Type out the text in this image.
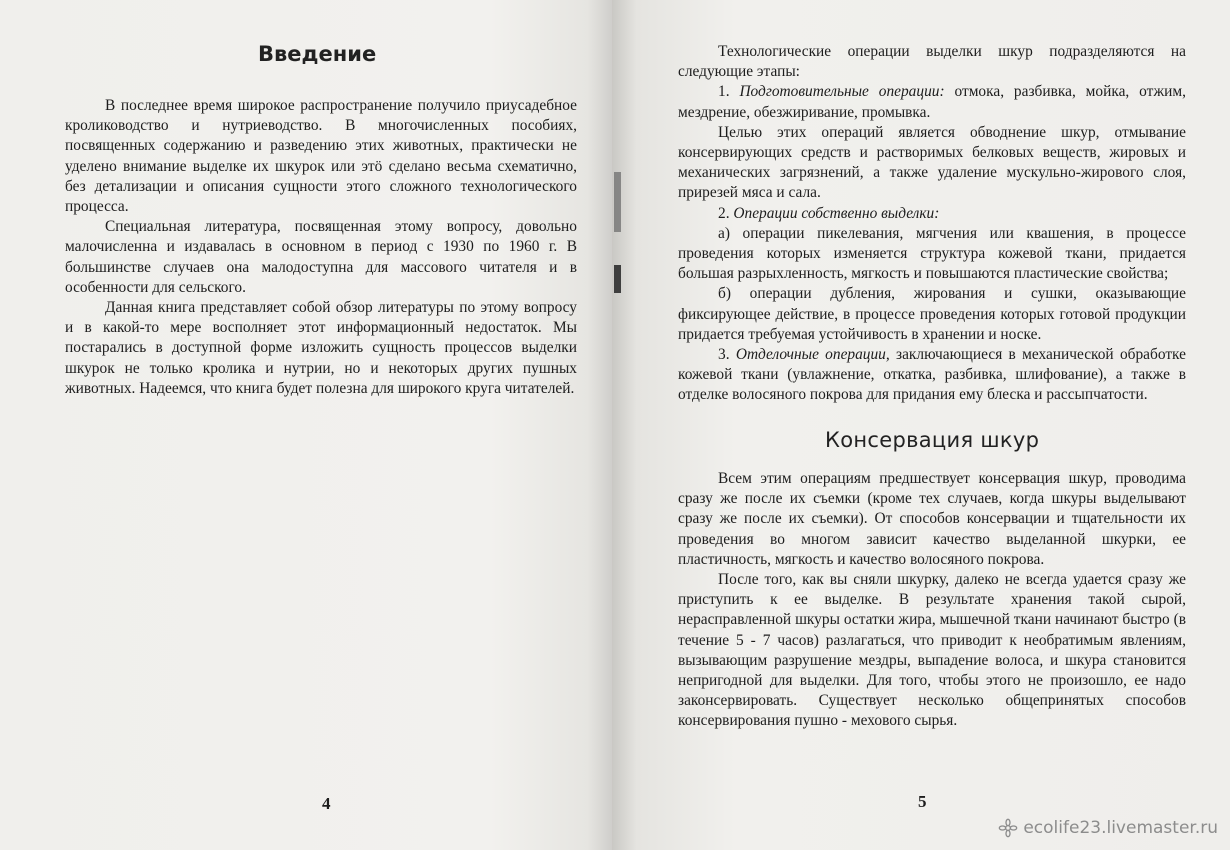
Введение

В последнее время широкое распространение получило приусадебное кролиководство и нутриеводство. В многочисленных пособиях, посвященных содержанию и разведению этих животных, практически не уделено внимание выделке их шкурок или этö сделано весьма схематично, без детализации и описания сущности этого сложного технологического процесса.

Специальная литература, посвященная этому вопросу, довольно малочисленна и издавалась в основном в период с 1930 по 1960 г. В большинстве случаев она малодоступна для массового читателя и в особенности для сельского.

Данная книга представляет собой обзор литературы по этому вопросу и в какой-то мере восполняет этот информационный недостаток. Мы постарались в доступной форме изложить сущность процессов выделки шкурок не только кролика и нутрии, но и некоторых других пушных животных. Надеемся, что книга будет полезна для широкого круга читателей.

4

Технологические операции выделки шкур подразделяются на следующие этапы:

1. Подготовительные операции: отмока, разбивка, мойка, отжим, мездрение, обезжиривание, промывка.

Целью этих операций является обводнение шкур, отмывание консервирующих средств и растворимых белковых веществ, жировых и механических загрязнений, а также удаление мускульно-жирового слоя, прирезей мяса и сала.

2. Операции собственно выделки:

а) операции пикелевания, мягчения или квашения, в процессе проведения которых изменяется структура кожевой ткани, придается большая разрыхленность, мягкость и повышаются пластические свойства;

б) операции дубления, жирования и сушки, оказывающие фиксирующее действие, в процессе проведения которых готовой продукции придается требуемая устойчивость в хранении и носке.

3. Отделочные операции, заключающиеся в механической обработке кожевой ткани (увлажнение, откатка, разбивка, шлифование), а также в отделке волосяного покрова для придания ему блеска и рассыпчатости.

Консервация шкур

Всем этим операциям предшествует консервация шкур, проводима сразу же после их съемки (кроме тех случаев, когда шкуры выделывают сразу же после их съемки). От способов консервации и тщательности их проведения во многом зависит качество выделанной шкурки, ее пластичность, мягкость и качество волосяного покрова.

После того, как вы сняли шкурку, далеко не всегда удается сразу же приступить к ее выделке. В результате хранения такой сырой, нерасправленной шкуры остатки жира, мышечной ткани начинают быстро (в течение 5 - 7 часов) разлагаться, что приводит к необратимым явлениям, вызывающим разрушение мездры, выпадение волоса, и шкура становится непригодной для выделки. Для того, чтобы этого не произошло, ее надо законсервировать. Существует несколько общепринятых способов консервирования пушно - мехового сырья.

5
ecolife23.livemaster.ru
